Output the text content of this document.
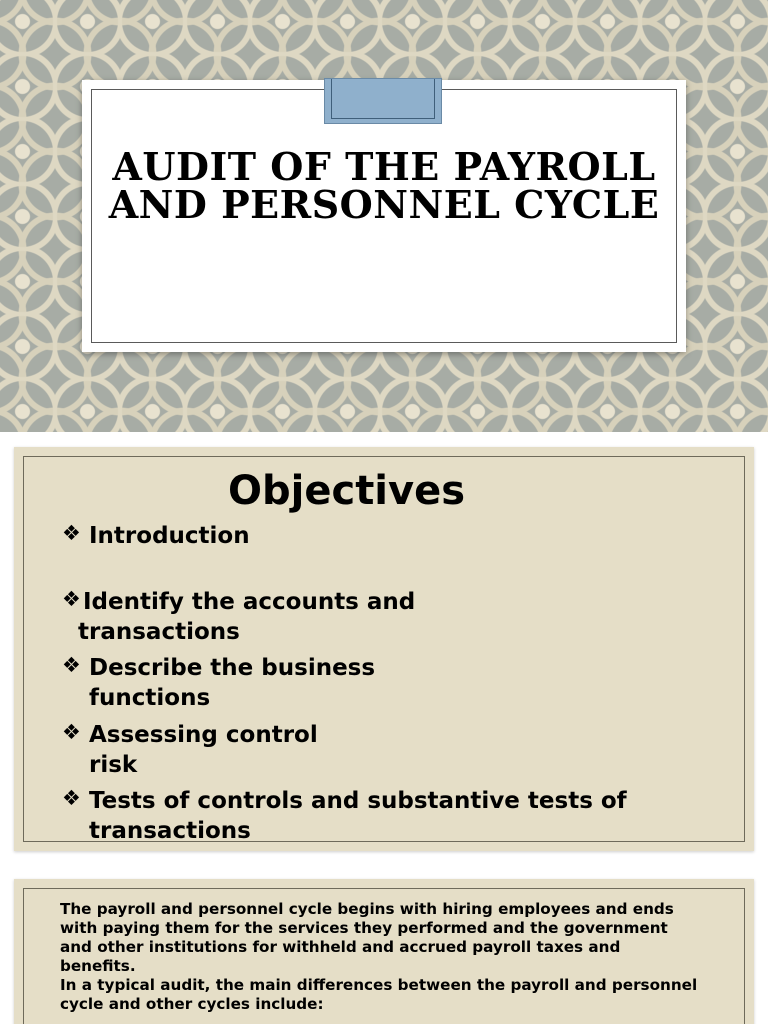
AUDIT OF THE PAYROLL
AND PERSONNEL CYCLE
Objectives
❖ Introduction
❖ Identify the accounts and
transactions
❖ Describe the business
functions
❖ Assessing control
risk
❖ Tests of controls and substantive tests of
transactions

The payroll and personnel cycle begins with hiring employees and ends with paying them for the services they performed and the government and other institutions for withheld and accrued payroll taxes and benefits.

In a typical audit, the main differences between the payroll and personnel cycle and other cycles include:
